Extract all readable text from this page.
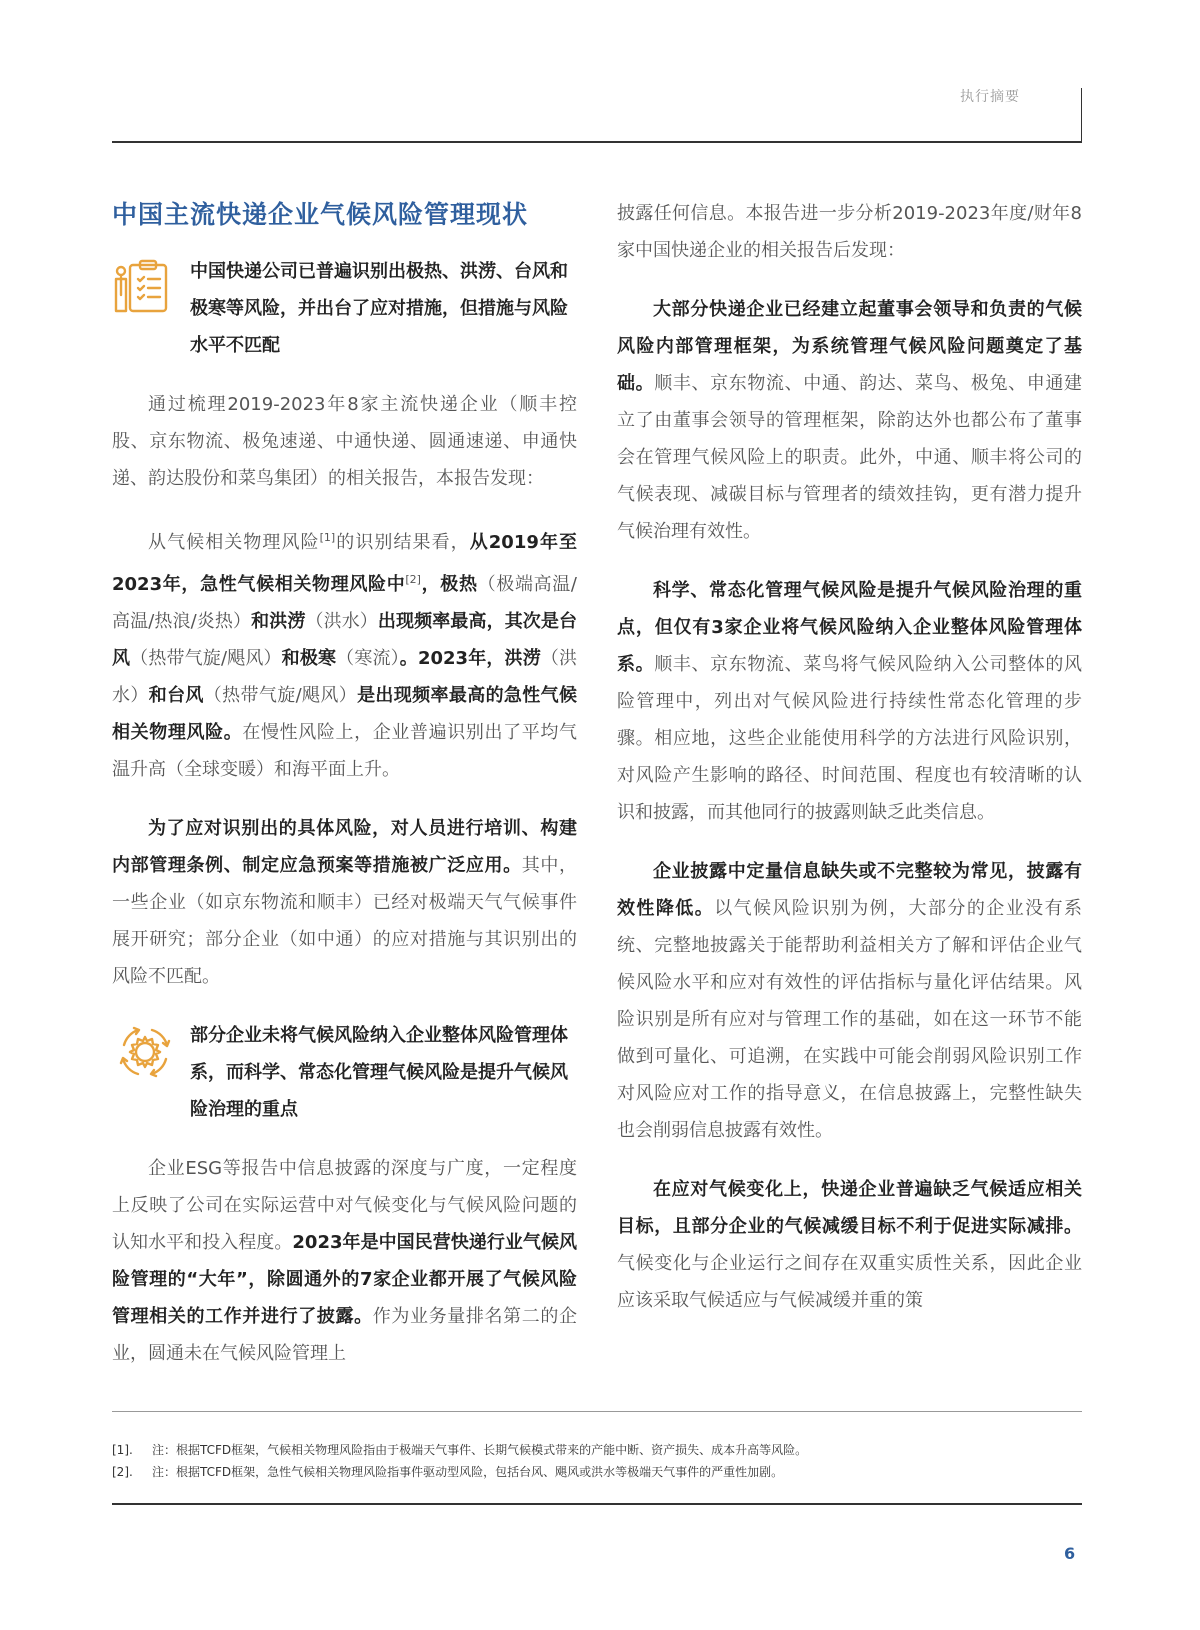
执行摘要
中国主流快递企业气候风险管理现状

中国快递公司已普遍识别出极热、洪涝、台风和极寒等风险，并出台了应对措施，但措施与风险水平不匹配

通过梳理2019-2023年8家主流快递企业（顺丰控股、京东物流、极兔速递、中通快递、圆通速递、申通快递、韵达股份和菜鸟集团）的相关报告，本报告发现：

从气候相关物理风险[1]的识别结果看，从2019年至2023年，急性气候相关物理风险中[2]，极热（极端高温/高温/热浪/炎热）和洪涝（洪水）出现频率最高，其次是台风（热带气旋/飓风）和极寒（寒流）。2023年，洪涝（洪水）和台风（热带气旋/飓风）是出现频率最高的急性气候相关物理风险。在慢性风险上，企业普遍识别出了平均气温升高（全球变暖）和海平面上升。

为了应对识别出的具体风险，对人员进行培训、构建内部管理条例、制定应急预案等措施被广泛应用。其中，一些企业（如京东物流和顺丰）已经对极端天气气候事件展开研究；部分企业（如中通）的应对措施与其识别出的风险不匹配。

部分企业未将气候风险纳入企业整体风险管理体系，而科学、常态化管理气候风险是提升气候风险治理的重点

企业ESG等报告中信息披露的深度与广度，一定程度上反映了公司在实际运营中对气候变化与气候风险问题的认知水平和投入程度。2023年是中国民营快递行业气候风险管理的“大年”，除圆通外的7家企业都开展了气候风险管理相关的工作并进行了披露。作为业务量排名第二的企业，圆通未在气候风险管理上

披露任何信息。本报告进一步分析2019-2023年度/财年8家中国快递企业的相关报告后发现：

大部分快递企业已经建立起董事会领导和负责的气候风险内部管理框架，为系统管理气候风险问题奠定了基础。顺丰、京东物流、中通、韵达、菜鸟、极兔、申通建立了由董事会领导的管理框架，除韵达外也都公布了董事会在管理气候风险上的职责。此外，中通、顺丰将公司的气候表现、减碳目标与管理者的绩效挂钩，更有潜力提升气候治理有效性。

科学、常态化管理气候风险是提升气候风险治理的重点，但仅有3家企业将气候风险纳入企业整体风险管理体系。顺丰、京东物流、菜鸟将气候风险纳入公司整体的风险管理中，列出对气候风险进行持续性常态化管理的步骤。相应地，这些企业能使用科学的方法进行风险识别，对风险产生影响的路径、时间范围、程度也有较清晰的认识和披露，而其他同行的披露则缺乏此类信息。

企业披露中定量信息缺失或不完整较为常见，披露有效性降低。以气候风险识别为例，大部分的企业没有系统、完整地披露关于能帮助利益相关方了解和评估企业气候风险水平和应对有效性的评估指标与量化评估结果。风险识别是所有应对与管理工作的基础，如在这一环节不能做到可量化、可追溯，在实践中可能会削弱风险识别工作对风险应对工作的指导意义，在信息披露上，完整性缺失也会削弱信息披露有效性。

在应对气候变化上，快递企业普遍缺乏气候适应相关目标，且部分企业的气候减缓目标不利于促进实际减排。气候变化与企业运行之间存在双重实质性关系，因此企业应该采取气候适应与气候减缓并重的策

[1].	注：根据TCFD框架，气候相关物理风险指由于极端天气事件、长期气候模式带来的产能中断、资产损失、成本升高等风险。
[2].	注：根据TCFD框架，急性气候相关物理风险指事件驱动型风险，包括台风、飓风或洪水等极端天气事件的严重性加剧。
6
